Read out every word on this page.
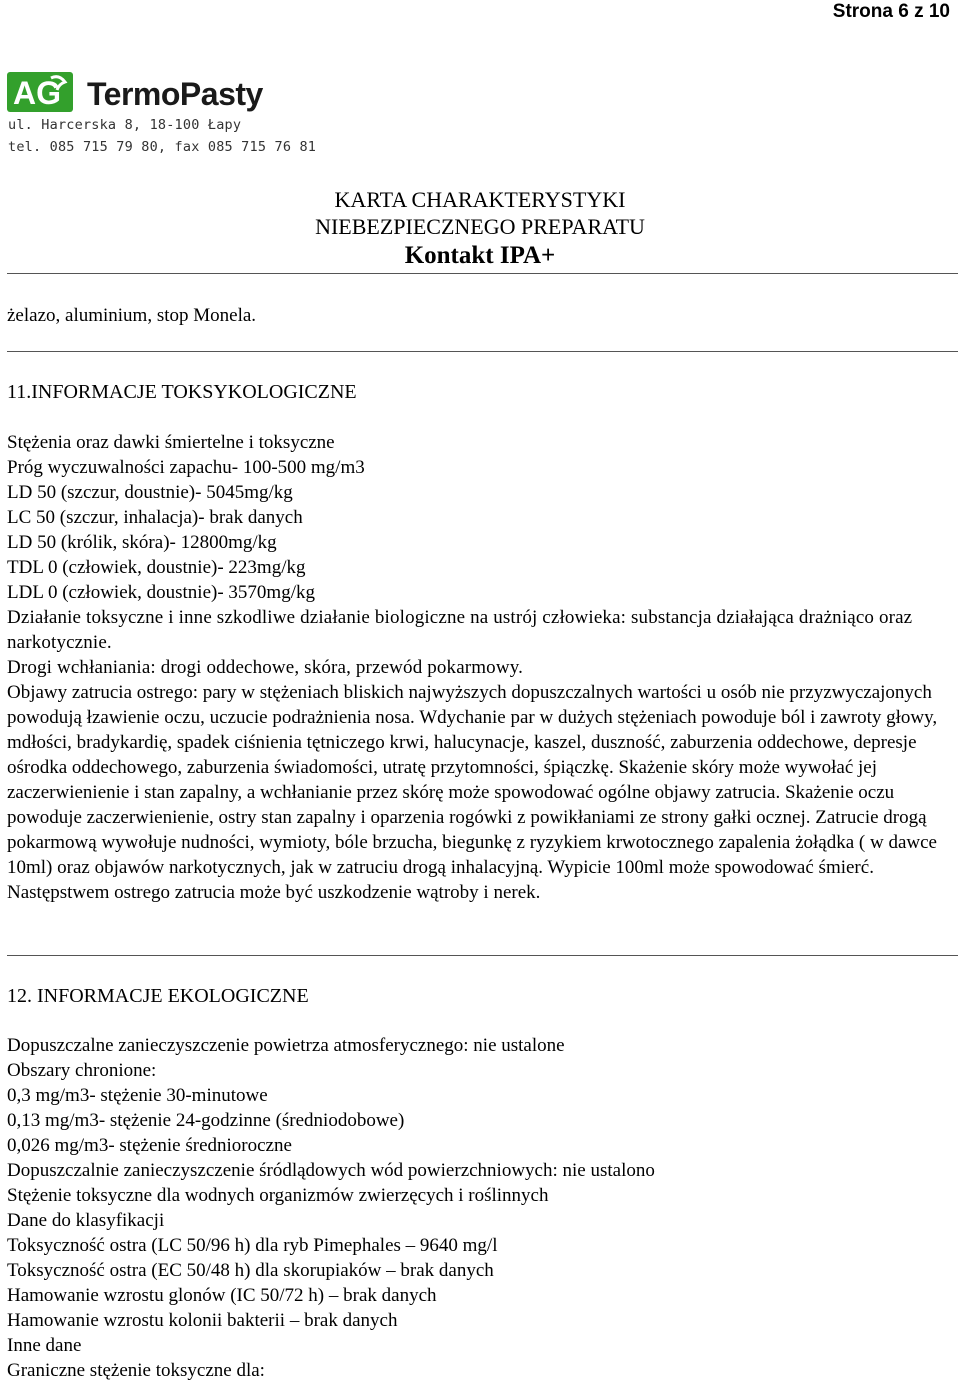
Strona 6 z 10
AG TermoPasty
ul. Harcerska 8, 18-100 Łapy
tel. 085 715 79 80, fax 085 715 76 81
KARTA CHARAKTERYSTYKI
NIEBEZPIECZNEGO PREPARATU
Kontakt IPA+
żelazo, aluminium, stop Monela.
11.INFORMACJE TOKSYKOLOGICZNE
Stężenia oraz dawki śmiertelne i toksyczne
Próg wyczuwalności zapachu- 100-500 mg/m3
LD 50 (szczur, doustnie)- 5045mg/kg
LC 50 (szczur, inhalacja)- brak danych
LD 50 (królik, skóra)- 12800mg/kg
TDL 0 (człowiek, doustnie)- 223mg/kg
LDL 0 (człowiek, doustnie)- 3570mg/kg
Działanie toksyczne i inne szkodliwe działanie biologiczne na ustrój człowieka: substancja działająca drażniąco oraz narkotycznie.
Drogi wchłaniania: drogi oddechowe, skóra, przewód pokarmowy.
Objawy zatrucia ostrego: pary w stężeniach bliskich najwyższych dopuszczalnych wartości u osób nie przyzwyczajonych powodują łzawienie oczu, uczucie podrażnienia nosa. Wdychanie par w dużych stężeniach powoduje ból i zawroty głowy, mdłości, bradykardię, spadek ciśnienia tętniczego krwi, halucynacje, kaszel, duszność, zaburzenia oddechowe, depresje ośrodka oddechowego, zaburzenia świadomości, utratę przytomności, śpiączkę. Skażenie skóry może wywołać jej zaczerwienienie i stan zapalny, a wchłanianie przez skórę może spowodować ogólne objawy zatrucia. Skażenie oczu powoduje zaczerwienienie, ostry stan zapalny i oparzenia rogówki z powikłaniami ze strony gałki ocznej. Zatrucie drogą pokarmową wywołuje nudności, wymioty, bóle brzucha, biegunkę z ryzykiem krwotocznego zapalenia żołądka ( w dawce 10ml) oraz objawów narkotycznych, jak w zatruciu drogą inhalacyjną. Wypicie 100ml może spowodować śmierć. Następstwem ostrego zatrucia może być uszkodzenie wątroby i nerek.
12. INFORMACJE EKOLOGICZNE
Dopuszczalne zanieczyszczenie powietrza atmosferycznego: nie ustalone
Obszary chronione:
0,3 mg/m3- stężenie 30-minutowe
0,13 mg/m3- stężenie 24-godzinne (średniodobowe)
0,026 mg/m3- stężenie średnioroczne
Dopuszczalnie zanieczyszczenie śródlądowych wód powierzchniowych: nie ustalono
Stężenie toksyczne dla wodnych organizmów zwierzęcych i roślinnych
Dane do klasyfikacji
Toksyczność ostra (LC 50/96 h) dla ryb Pimephales – 9640 mg/l
Toksyczność ostra (EC 50/48 h) dla skorupiaków – brak danych
Hamowanie wzrostu glonów (IC 50/72 h) – brak danych
Hamowanie wzrostu kolonii bakterii – brak danych
Inne dane
Graniczne stężenie toksyczne dla:
